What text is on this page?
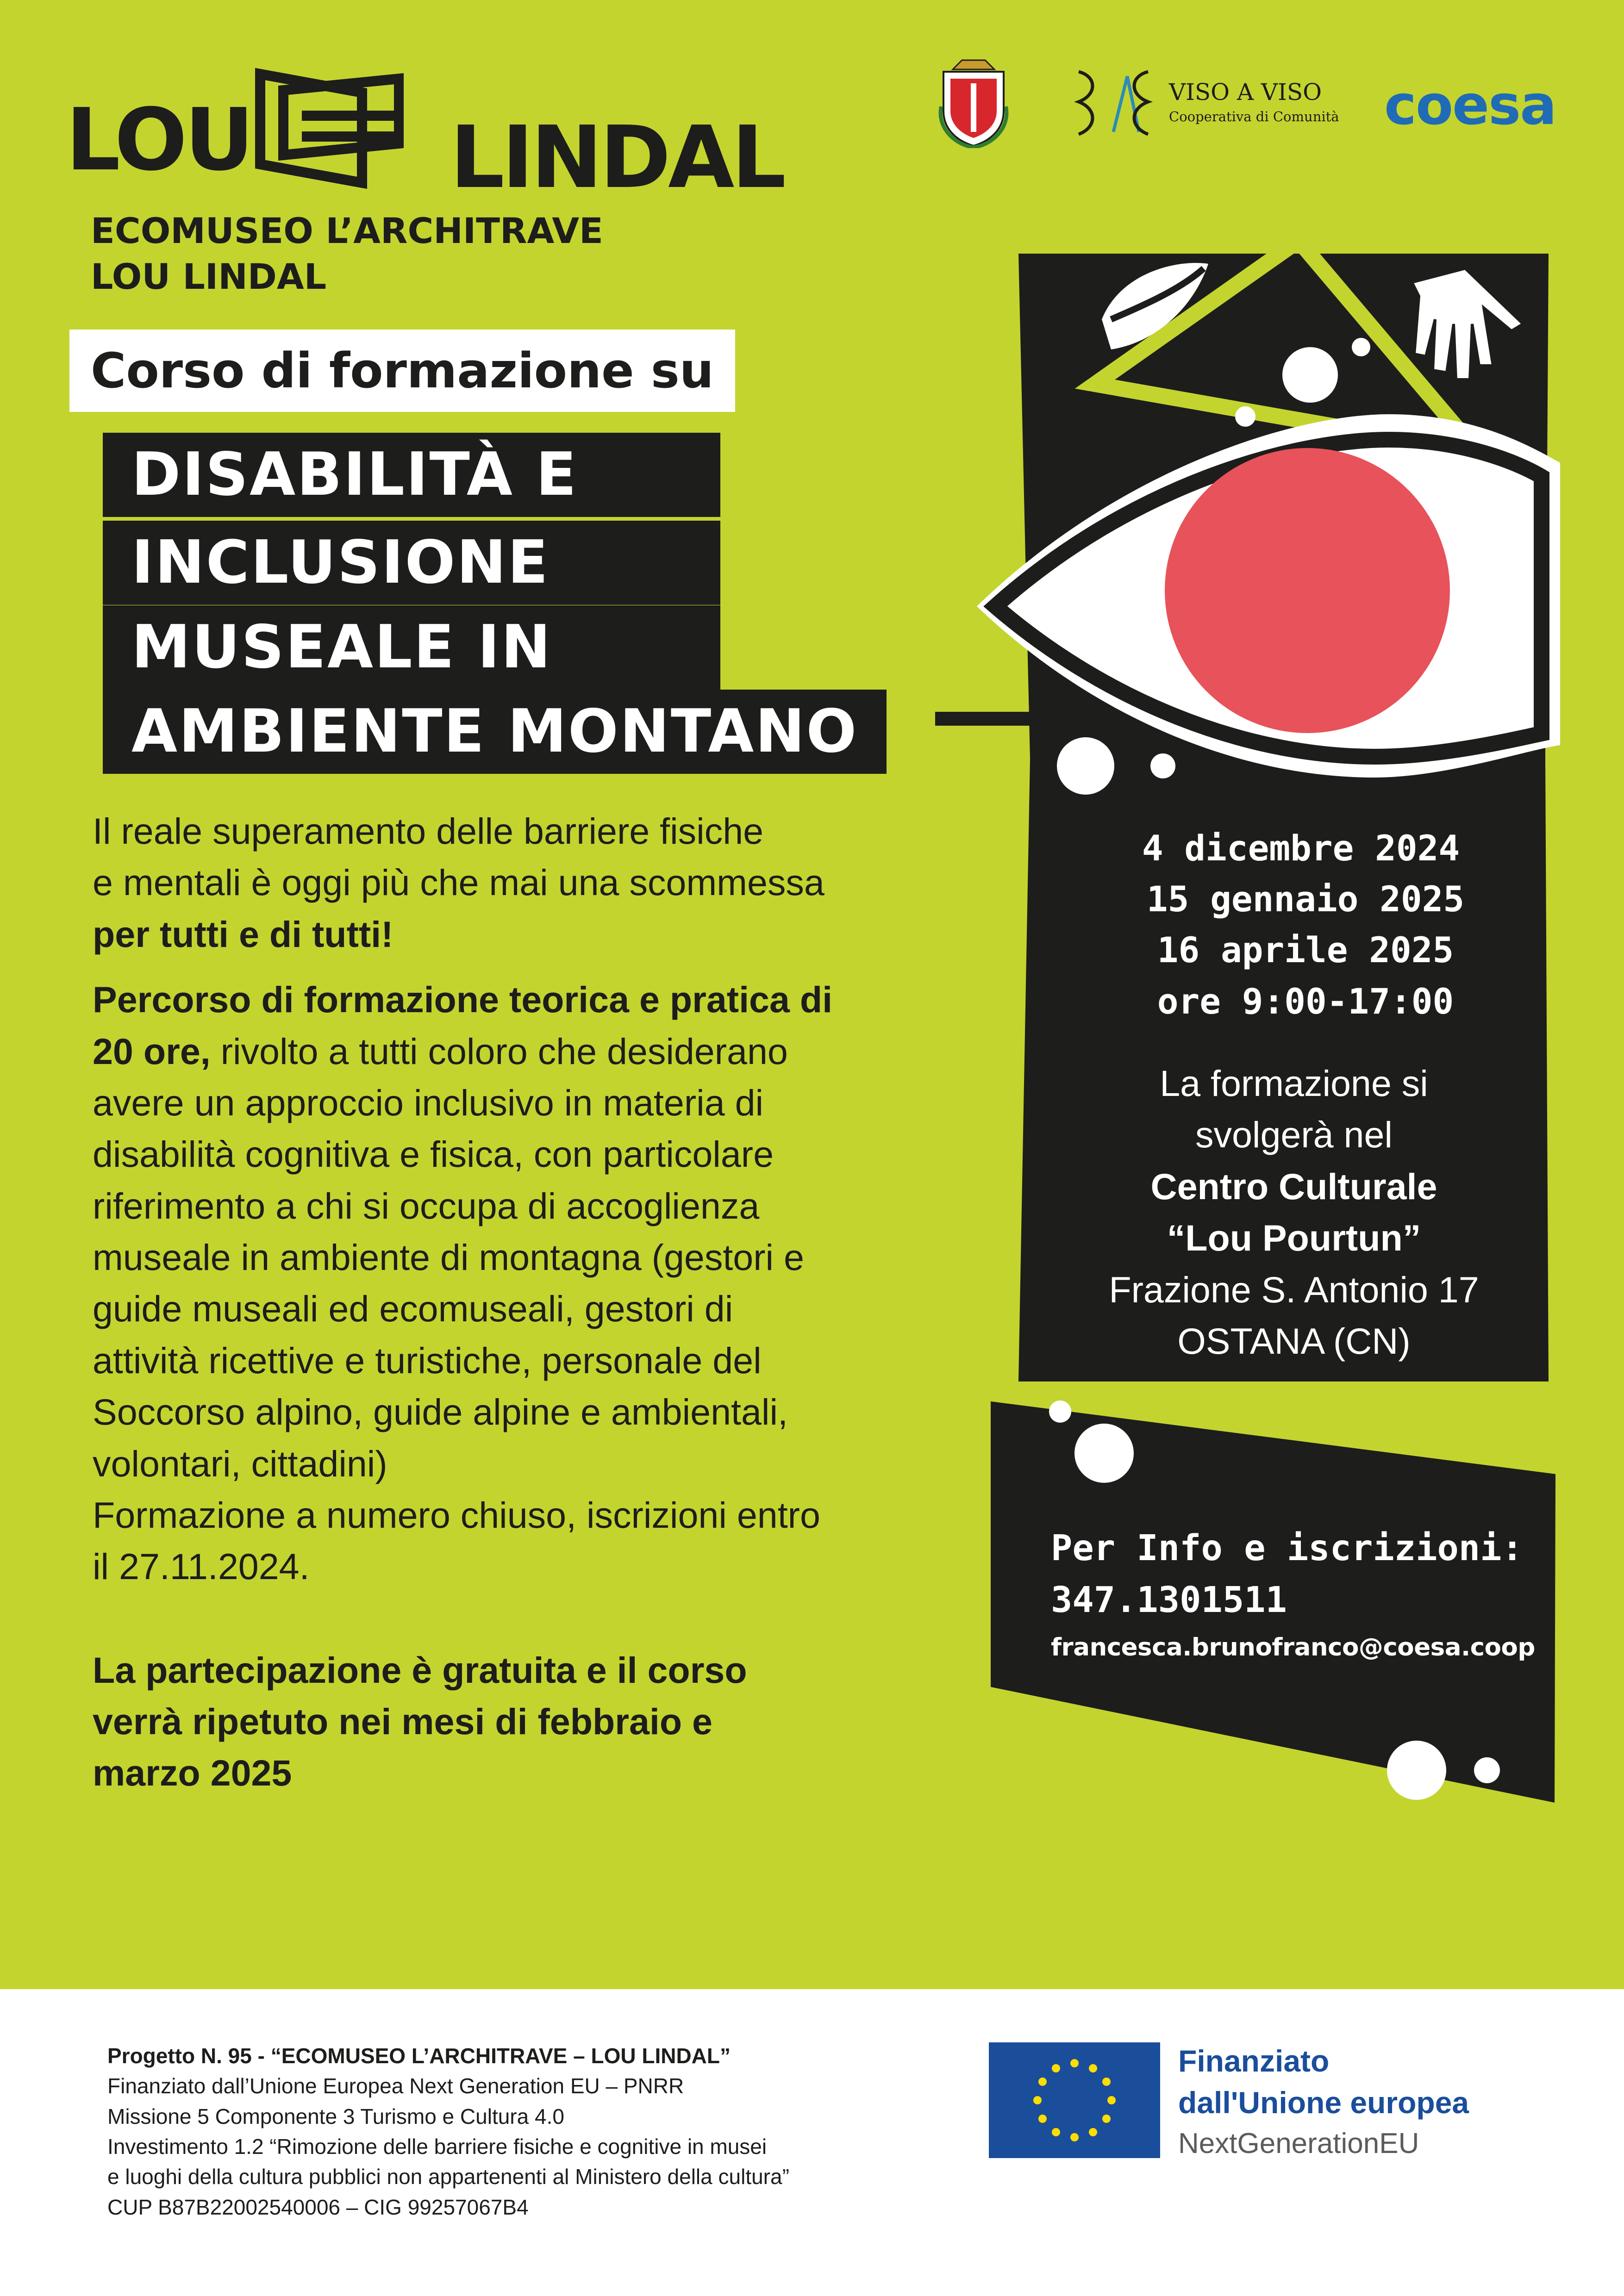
LOU LINDAL
ECOMUSEO L’ARCHITRAVE
LOU LINDAL
VISO A VISO
Cooperativa di Comunità coesa
Corso di formazione su
DISABILITÀ E
INCLUSIONE
MUSEALE IN
AMBIENTE MONTANO
Il reale superamento delle barriere fisiche
e mentali è oggi più che mai una scommessa
per tutti e di tutti!
Percorso di formazione teorica e pratica di
20 ore, rivolto a tutti coloro che desiderano
avere un approccio inclusivo in materia di
disabilità cognitiva e fisica, con particolare
riferimento a chi si occupa di accoglienza
museale in ambiente di montagna (gestori e
guide museali ed ecomuseali, gestori di
attività ricettive e turistiche, personale del
Soccorso alpino, guide alpine e ambientali,
volontari, cittadini)
Formazione a numero chiuso, iscrizioni entro
il 27.11.2024.
La partecipazione è gratuita e il corso
verrà ripetuto nei mesi di febbraio e
marzo 2025
4 dicembre 2024
15 gennaio 2025
16 aprile 2025
ore 9:00-17:00
La formazione si
svolgerà nel
Centro Culturale
“Lou Pourtun”
Frazione S. Antonio 17
OSTANA (CN)
Per Info e iscrizioni:
347.1301511
francesca.brunofranco@coesa.coop
Progetto N. 95 - “ECOMUSEO L’ARCHITRAVE – LOU LINDAL”
Finanziato dall’Unione Europea Next Generation EU – PNRR
Missione 5 Componente 3 Turismo e Cultura 4.0
Investimento 1.2 “Rimozione delle barriere fisiche e cognitive in musei
e luoghi della cultura pubblici non appartenenti al Ministero della cultura”
CUP B87B22002540006 – CIG 99257067B4
Finanziato
dall'Unione europea
NextGenerationEU
